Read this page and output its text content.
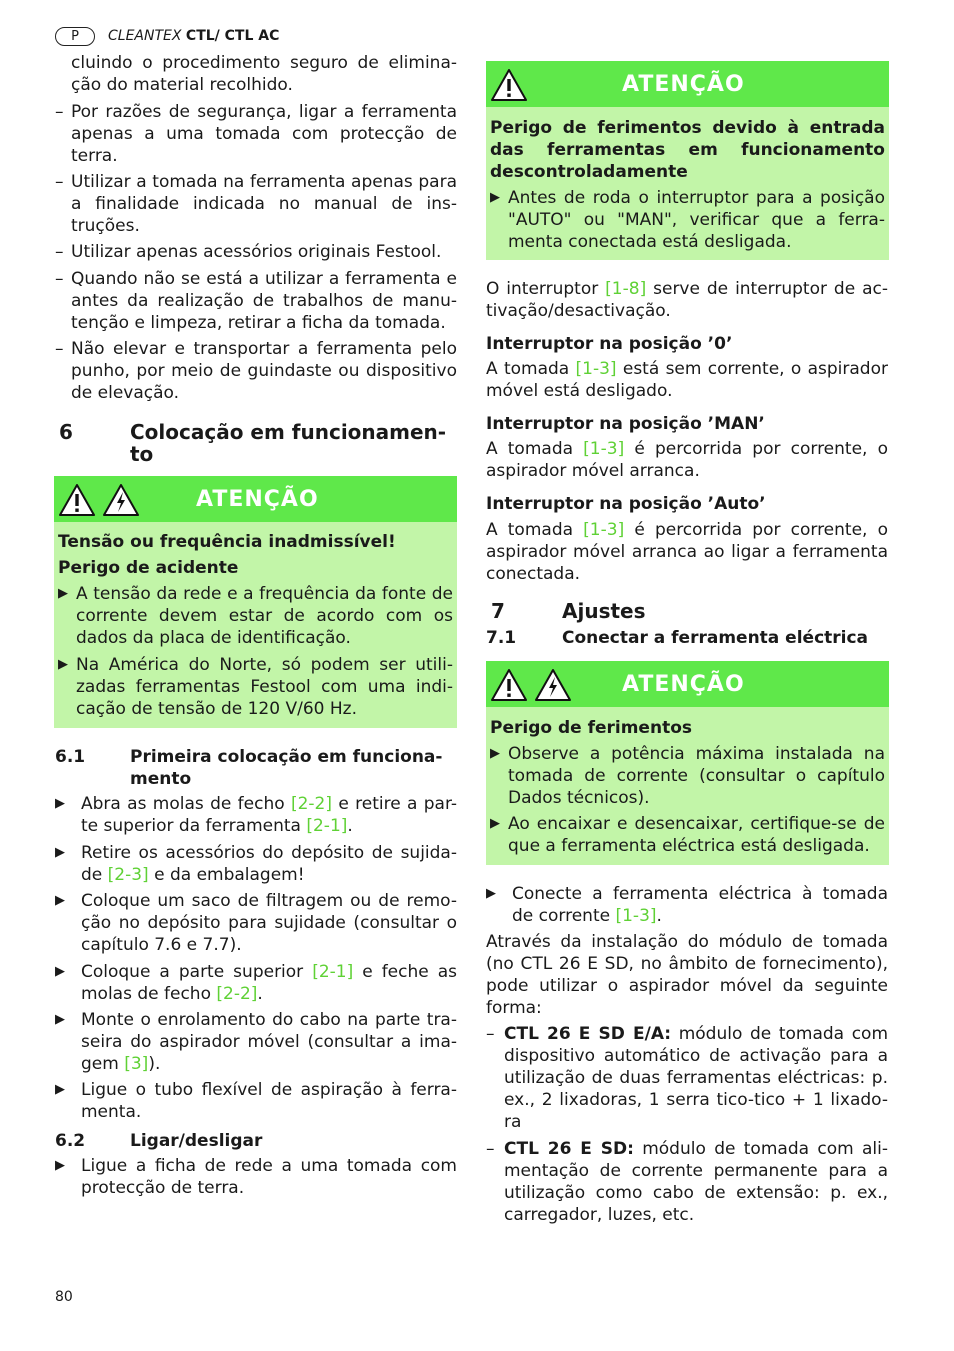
P	CLEANTEX CTL/ CTL AC
cluindo o procedimento seguro de elimina-ção do material recolhido.
– Por razões de segurança, ligar a ferramenta apenas a uma tomada com protecção de terra.
– Utilizar a tomada na ferramenta apenas para a finalidade indicada no manual de ins-truções.
– Utilizar apenas acessórios originais Festool.
– Quando não se está a utilizar a ferramenta e antes da realização de trabalhos de manu-tenção e limpeza, retirar a ficha da tomada.
– Não elevar e transportar a ferramenta pelo punho, por meio de guindaste ou dispositivo de elevação.
6	Colocação em funcionamen-
to
ATENÇÃO
Tensão ou frequência inadmissível!
Perigo de acidente
▶ A tensão da rede e a frequência da fonte de corrente devem estar de acordo com os dados da placa de identificação.
▶ Na América do Norte, só podem ser utili-zadas ferramentas Festool com uma indi-cação de tensão de 120 V/60 Hz.
6.1	Primeira colocação em funciona-
mento
▶ Abra as molas de fecho [2-2] e retire a par-te superior da ferramenta [2-1].
▶ Retire os acessórios do depósito de sujida-de [2-3] e da embalagem!
▶ Coloque um saco de filtragem ou de remo-ção no depósito para sujidade (consultar o capítulo 7.6 e 7.7).
▶ Coloque a parte superior [2-1] e feche as molas de fecho [2-2].
▶ Monte o enrolamento do cabo na parte tra-seira do aspirador móvel (consultar a ima-gem [3]).
▶ Ligue o tubo flexível de aspiração à ferra-menta.
6.2	Ligar/desligar
▶ Ligue a ficha de rede a uma tomada com protecção de terra.
ATENÇÃO
Perigo de ferimentos devido à entrada das ferramentas em funcionamento descontroladamente
▶ Antes de roda o interruptor para a posição "AUTO" ou "MAN", verificar que a ferra-menta conectada está desligada.
O interruptor [1-8] serve de interruptor de ac-tivação/desactivação.
Interruptor na posição ’0’
A tomada [1-3] está sem corrente, o aspirador móvel está desligado.
Interruptor na posição ’MAN’
A tomada [1-3] é percorrida por corrente, o aspirador móvel arranca.
Interruptor na posição ’Auto’
A tomada [1-3] é percorrida por corrente, o aspirador móvel arranca ao ligar a ferramenta conectada.
7	Ajustes
7.1	Conectar a ferramenta eléctrica
ATENÇÃO
Perigo de ferimentos
▶ Observe a potência máxima instalada na tomada de corrente (consultar o capítulo Dados técnicos).
▶ Ao encaixar e desencaixar, certifique-se de que a ferramenta eléctrica está desligada.
▶ Conecte a ferramenta eléctrica à tomada de corrente [1-3].
Através da instalação do módulo de tomada (no CTL 26 E SD, no âmbito de fornecimento), pode utilizar o aspirador móvel da seguinte forma:
– CTL 26 E SD E/A: módulo de tomada com dispositivo automático de activação para a utilização de duas ferramentas eléctricas: p. ex., 2 lixadoras, 1 serra tico-tico + 1 lixado-ra
– CTL 26 E SD: módulo de tomada com ali-mentação de corrente permanente para a utilização como cabo de extensão: p. ex., carregador, luzes, etc.
80
